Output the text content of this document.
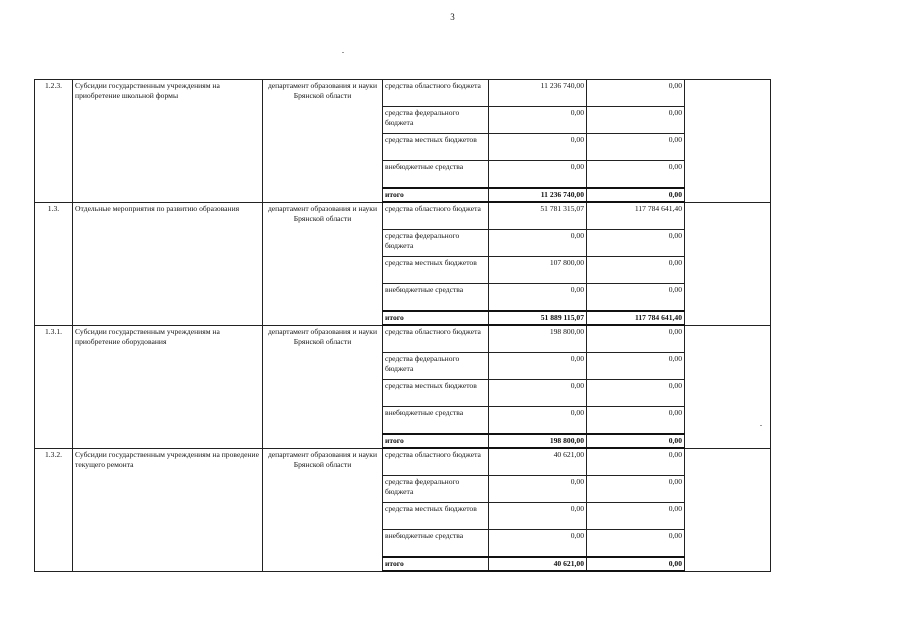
3
1.2.3.	Субсидии государственным учреждениям на приобретение школьной формы	департамент образования и науки Брянской области	средства областного бюджета	11 236 740,00	0,00	
			средства федерального бюджета	0,00	0,00	
			средства местных бюджетов	0,00	0,00	
			внебюджетные средства	0,00	0,00	
			итого	11 236 740,00	0,00	
1.3.	Отдельные мероприятия по развитию образования	департамент образования и науки Брянской области	средства областного бюджета	51 781 315,07	117 784 641,40	
			средства федерального бюджета	0,00	0,00	
			средства местных бюджетов	107 800,00	0,00	
			внебюджетные средства	0,00	0,00	
			итого	51 889 115,07	117 784 641,40	
1.3.1.	Субсидии государственным учреждениям на приобретение оборудования	департамент образования и науки Брянской области	средства областного бюджета	198 800,00	0,00	
			средства федерального бюджета	0,00	0,00	
			средства местных бюджетов	0,00	0,00	
			внебюджетные средства	0,00	0,00	
			итого	198 800,00	0,00	
1.3.2.	Субсидии государственным учреждениям на проведение текущего ремонта	департамент образования и науки Брянской области	средства областного бюджета	40 621,00	0,00	
			средства федерального бюджета	0,00	0,00	
			средства местных бюджетов	0,00	0,00	
			внебюджетные средства	0,00	0,00	
			итого	40 621,00	0,00	
